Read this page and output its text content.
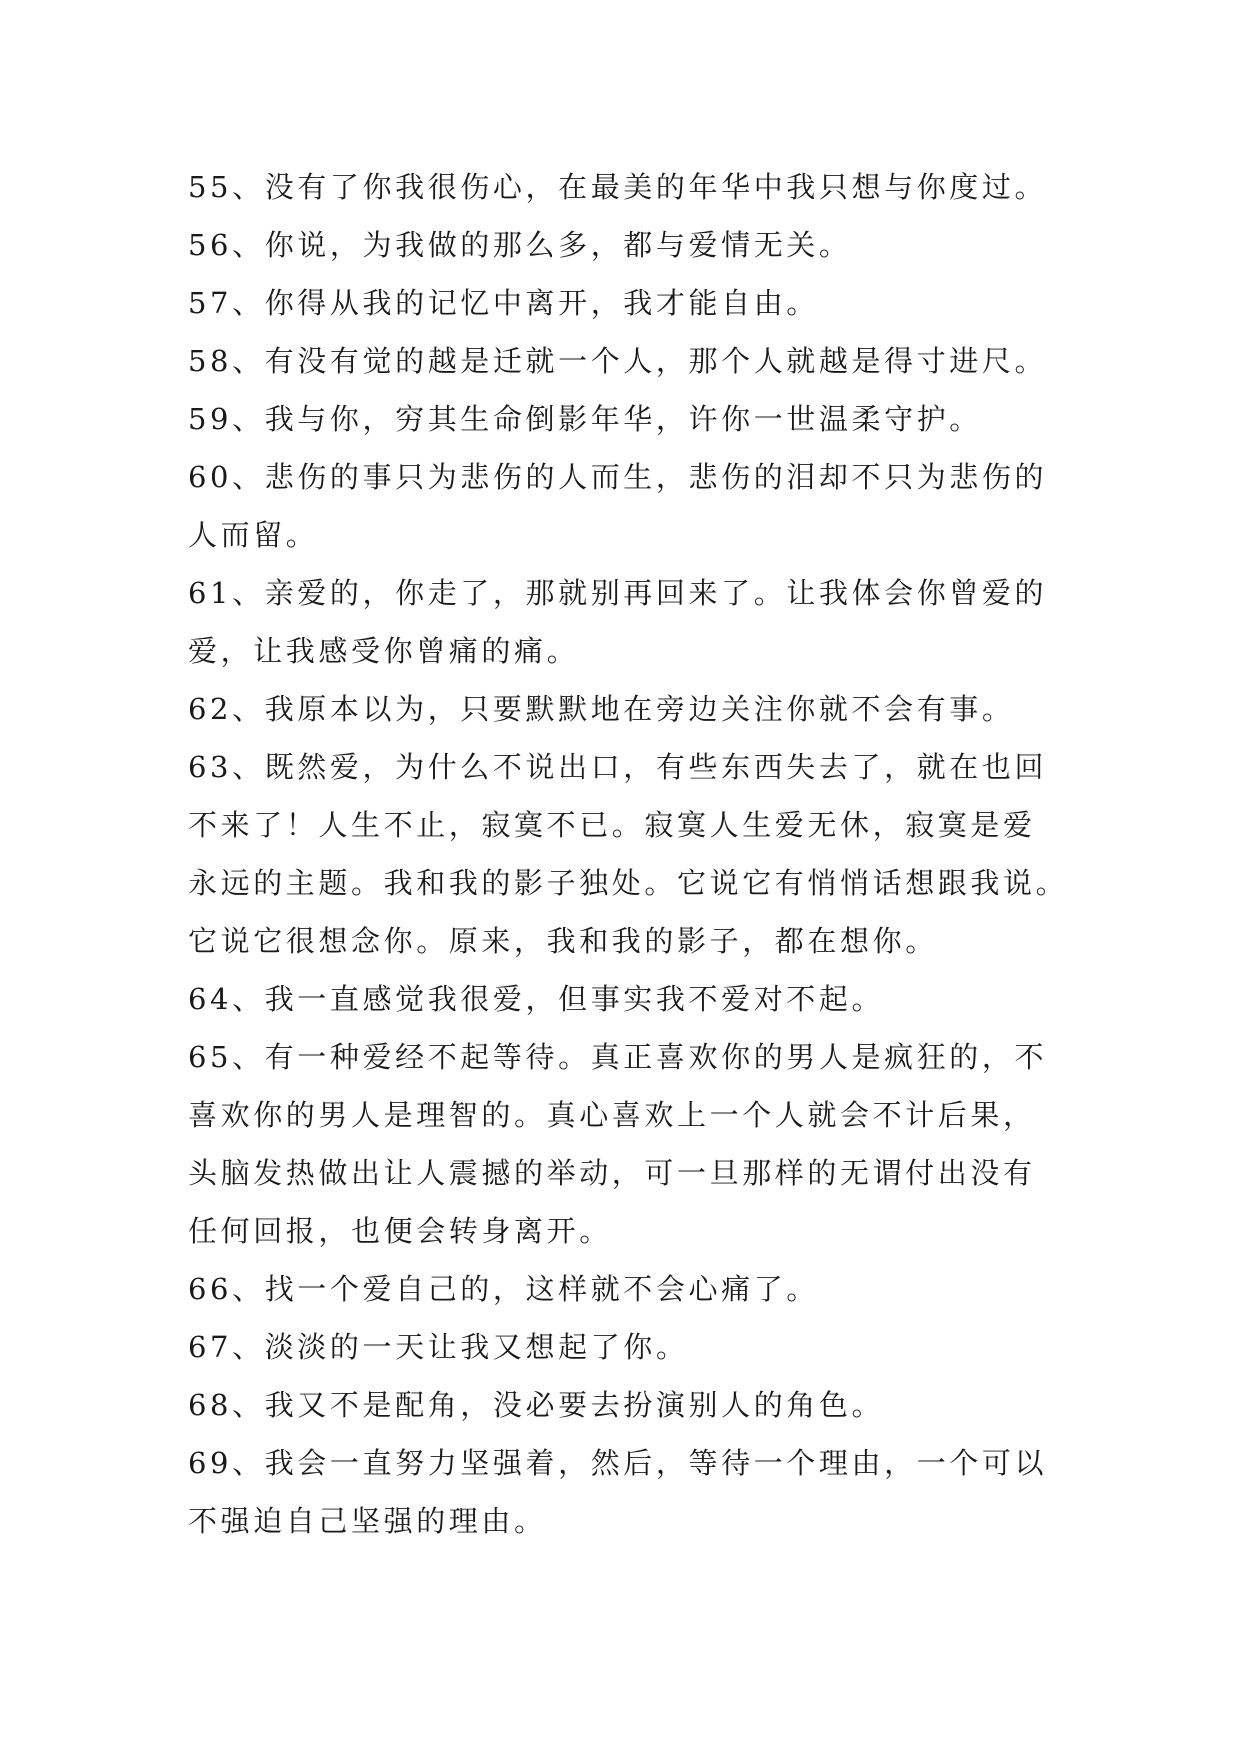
55、没有了你我很伤心，在最美的年华中我只想与你度过。

56、你说，为我做的那么多，都与爱情无关。

57、你得从我的记忆中离开，我才能自由。

58、有没有觉的越是迁就一个人，那个人就越是得寸进尺。

59、我与你，穷其生命倒影年华，许你一世温柔守护。

60、悲伤的事只为悲伤的人而生，悲伤的泪却不只为悲伤的
人而留。

61、亲爱的，你走了，那就别再回来了。让我体会你曾爱的
爱，让我感受你曾痛的痛。

62、我原本以为，只要默默地在旁边关注你就不会有事。

63、既然爱，为什么不说出口，有些东西失去了，就在也回
不来了！人生不止，寂寞不已。寂寞人生爱无休，寂寞是爱
永远的主题。我和我的影子独处。它说它有悄悄话想跟我说。
它说它很想念你。原来，我和我的影子，都在想你。

64、我一直感觉我很爱，但事实我不爱对不起。

65、有一种爱经不起等待。真正喜欢你的男人是疯狂的，不
喜欢你的男人是理智的。真心喜欢上一个人就会不计后果，
头脑发热做出让人震撼的举动，可一旦那样的无谓付出没有
任何回报，也便会转身离开。

66、找一个爱自己的，这样就不会心痛了。

67、淡淡的一天让我又想起了你。

68、我又不是配角，没必要去扮演别人的角色。

69、我会一直努力坚强着，然后，等待一个理由，一个可以
不强迫自己坚强的理由。
